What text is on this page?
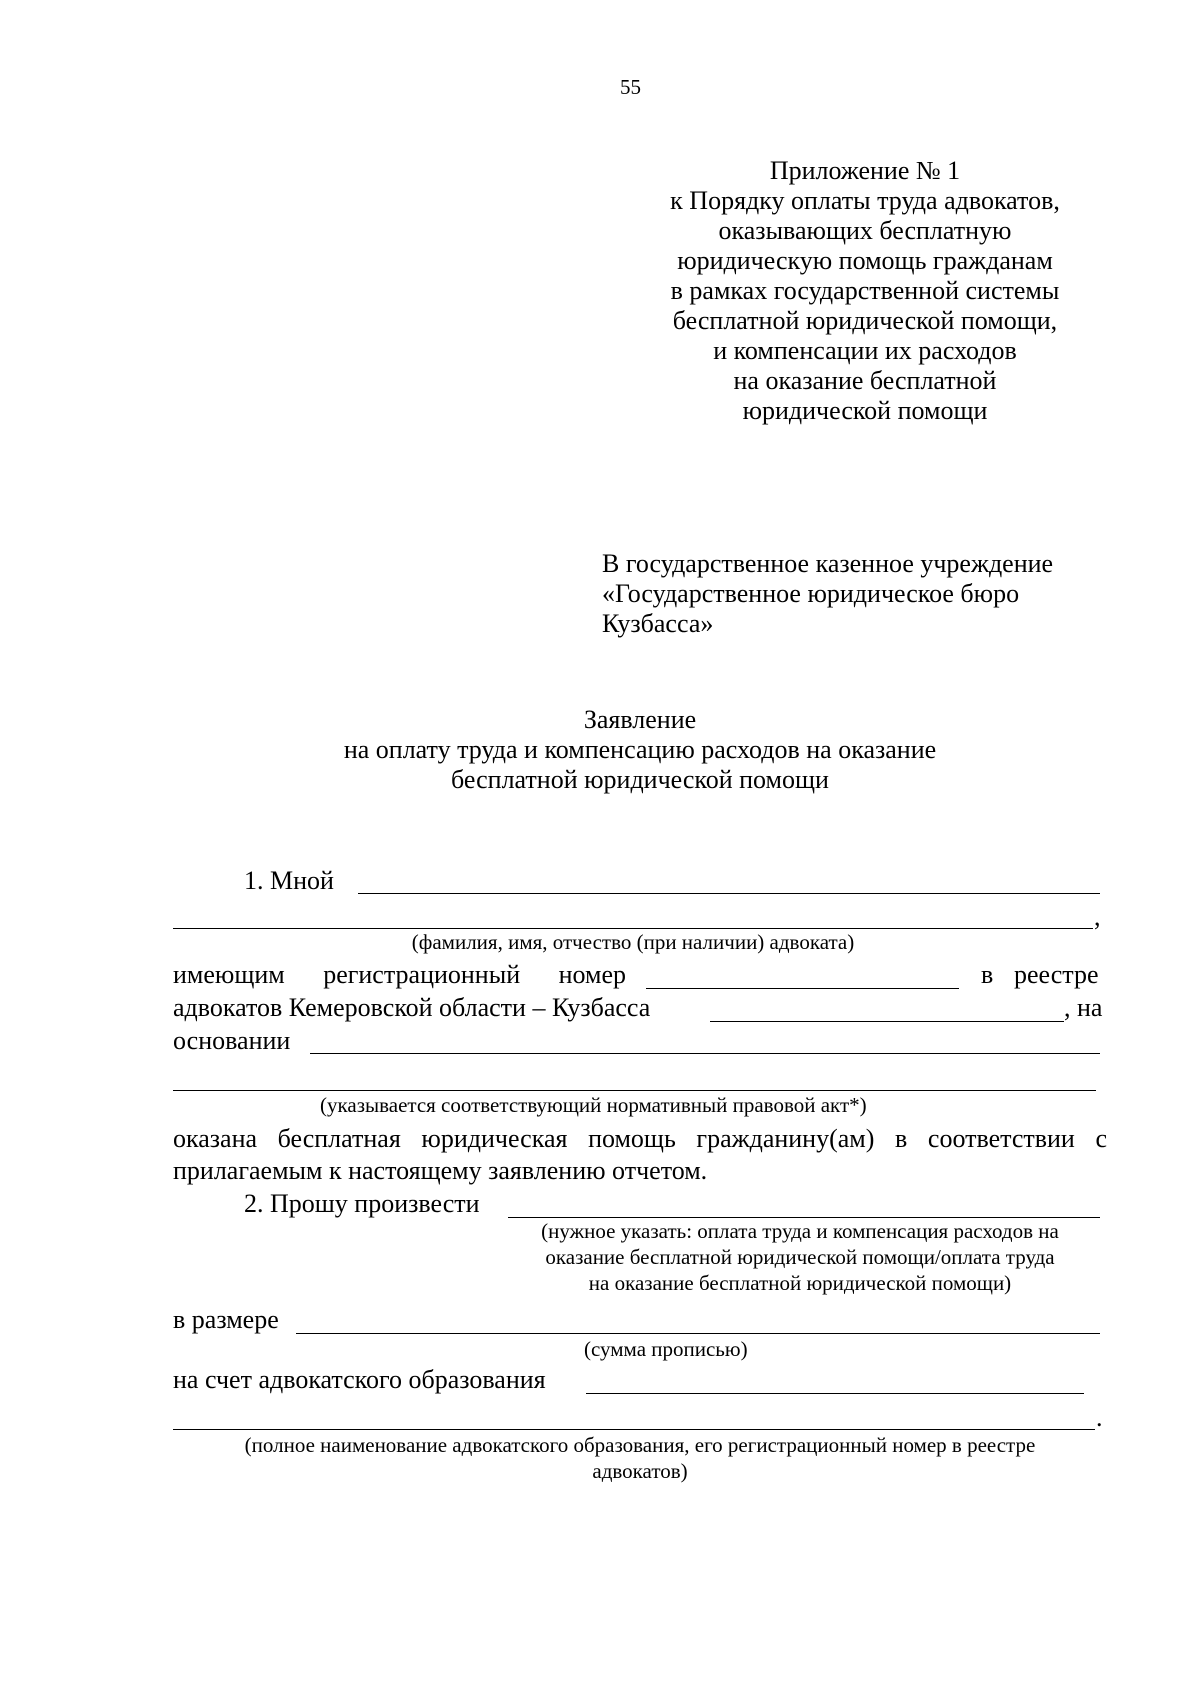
55
Приложение № 1
к Порядку оплаты труда адвокатов,
оказывающих бесплатную
юридическую помощь гражданам
в рамках государственной системы
бесплатной юридической помощи,
и компенсации их расходов
на оказание бесплатной
юридической помощи
В государственное казенное учреждение
«Государственное юридическое бюро
Кузбасса»
Заявление
на оплату труда и компенсацию расходов на оказание
бесплатной юридической помощи
1. Мной
,
(фамилия, имя, отчество (при наличии) адвоката)
имеющим регистрационный номер	в реестре
адвокатов Кемеровской области – Кузбасса	, на
основании
(указывается соответствующий нормативный правовой акт*)
оказана бесплатная юридическая помощь гражданину(ам) в соответствии с
прилагаемым к настоящему заявлению отчетом.
2. Прошу произвести
(нужное указать: оплата труда и компенсация расходов на
оказание бесплатной юридической помощи/оплата труда
на оказание бесплатной юридической помощи)
в размере
(сумма прописью)
на счет адвокатского образования
.
(полное наименование адвокатского образования, его регистрационный номер в реестре
адвокатов)
